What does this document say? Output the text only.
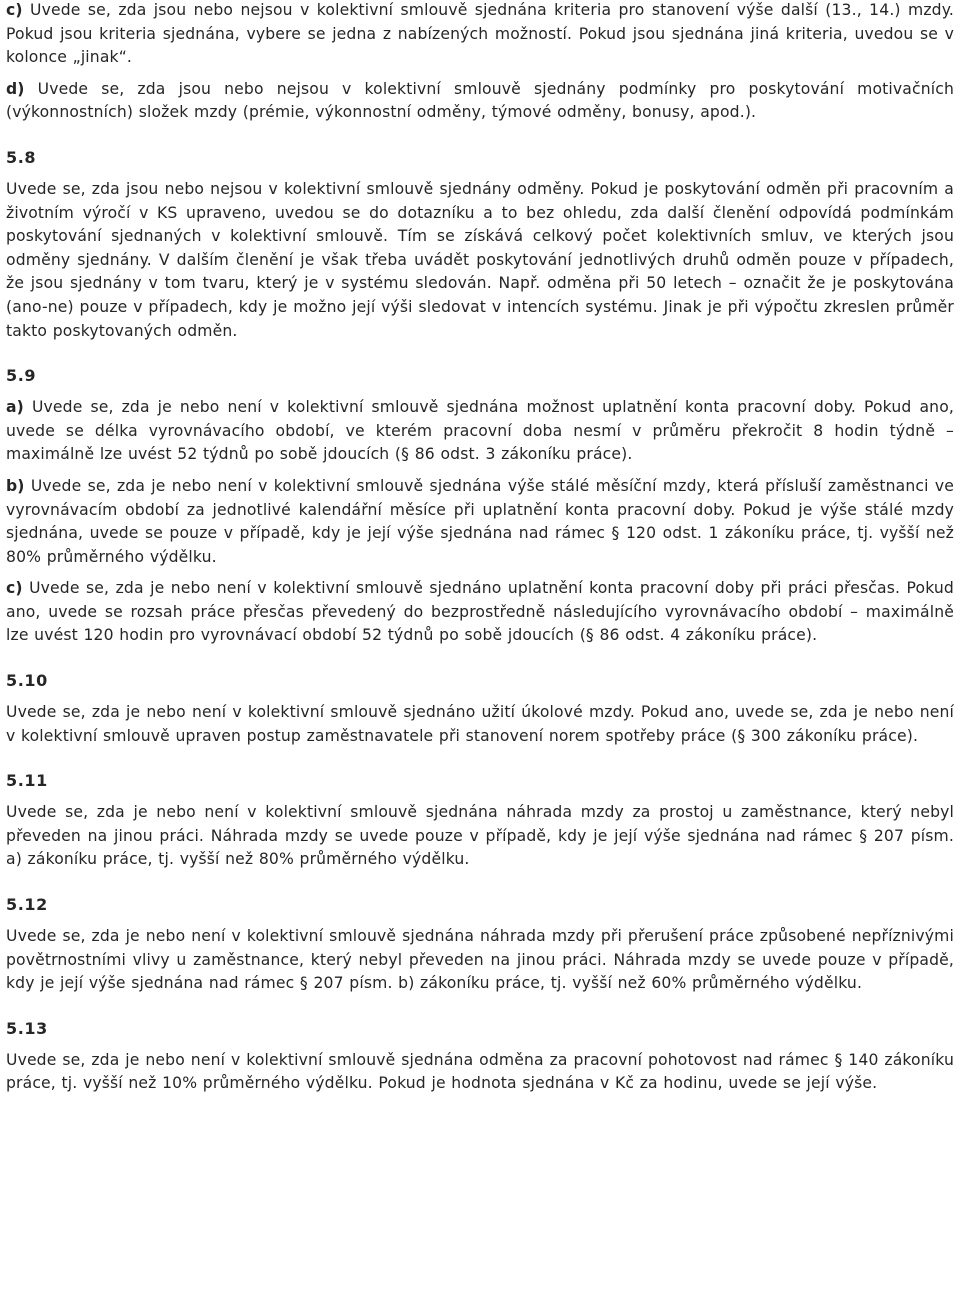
c) Uvede se, zda jsou nebo nejsou v kolektivní smlouvě sjednána kriteria pro stanovení výše další (13., 14.) mzdy. Pokud jsou kriteria sjednána, vybere se jedna z nabízených možností. Pokud jsou sjednána jiná kriteria, uvedou se v kolonce „jinak“.

d) Uvede se, zda jsou nebo nejsou v kolektivní smlouvě sjednány podmínky pro poskytování motivačních (výkonnostních) složek mzdy (prémie, výkonnostní odměny, týmové odměny, bonusy, apod.).

5.8

Uvede se, zda jsou nebo nejsou v kolektivní smlouvě sjednány odměny. Pokud je poskytování odměn při pracovním a životním výročí v KS upraveno, uvedou se do dotazníku a to bez ohledu, zda další členění odpovídá podmínkám poskytování sjednaných v kolektivní smlouvě. Tím se získává celkový počet kolektivních smluv, ve kterých jsou odměny sjednány. V dalším členění je však třeba uvádět poskytování jednotlivých druhů odměn pouze v případech, že jsou sjednány v tom tvaru, který je v systému sledován. Např. odměna při 50 letech – označit že je poskytována (ano-ne) pouze v případech, kdy je možno její výši sledovat v intencích systému. Jinak je při výpočtu zkreslen průměr takto poskytovaných odměn.

5.9

a) Uvede se, zda je nebo není v kolektivní smlouvě sjednána možnost uplatnění konta pracovní doby. Pokud ano, uvede se délka vyrovnávacího období, ve kterém pracovní doba nesmí v průměru překročit 8 hodin týdně – maximálně lze uvést 52 týdnů po sobě jdoucích (§ 86 odst. 3 zákoníku práce).

b) Uvede se, zda je nebo není v kolektivní smlouvě sjednána výše stálé měsíční mzdy, která přísluší zaměstnanci ve vyrovnávacím období za jednotlivé kalendářní měsíce při uplatnění konta pracovní doby. Pokud je výše stálé mzdy sjednána, uvede se pouze v případě, kdy je její výše sjednána nad rámec § 120 odst. 1 zákoníku práce, tj. vyšší než 80% průměrného výdělku.

c) Uvede se, zda je nebo není v kolektivní smlouvě sjednáno uplatnění konta pracovní doby při práci přesčas. Pokud ano, uvede se rozsah práce přesčas převedený do bezprostředně následujícího vyrovnávacího období – maximálně lze uvést 120 hodin pro vyrovnávací období 52 týdnů po sobě jdoucích (§ 86 odst. 4 zákoníku práce).

5.10

Uvede se, zda je nebo není v kolektivní smlouvě sjednáno užití úkolové mzdy. Pokud ano, uvede se, zda je nebo není v kolektivní smlouvě upraven postup zaměstnavatele při stanovení norem spotřeby práce (§ 300 zákoníku práce).

5.11

Uvede se, zda je nebo není v kolektivní smlouvě sjednána náhrada mzdy za prostoj u zaměstnance, který nebyl převeden na jinou práci. Náhrada mzdy se uvede pouze v případě, kdy je její výše sjednána nad rámec § 207 písm. a) zákoníku práce, tj. vyšší než 80% průměrného výdělku.

5.12

Uvede se, zda je nebo není v kolektivní smlouvě sjednána náhrada mzdy při přerušení práce způsobené nepříznivými povětrnostními vlivy u zaměstnance, který nebyl převeden na jinou práci. Náhrada mzdy se uvede pouze v případě, kdy je její výše sjednána nad rámec § 207 písm. b) zákoníku práce, tj. vyšší než 60% průměrného výdělku.

5.13

Uvede se, zda je nebo není v kolektivní smlouvě sjednána odměna za pracovní pohotovost nad rámec § 140 zákoníku práce, tj. vyšší než 10% průměrného výdělku. Pokud je hodnota sjednána v Kč za hodinu, uvede se její výše.
